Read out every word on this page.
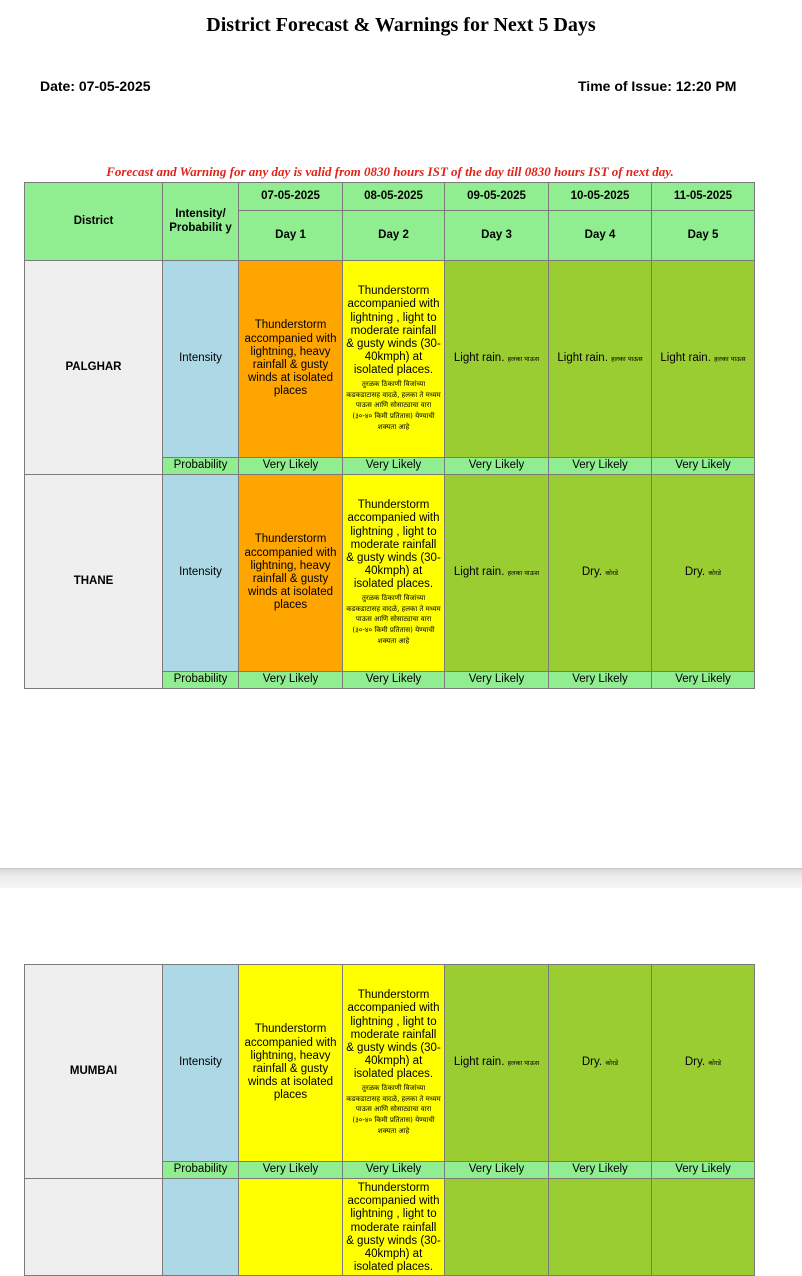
District Forecast & Warnings for Next 5 Days
Date: 07-05-2025	Time of Issue: 12:20 PM
Forecast and Warning for any day is valid from 0830 hours IST of the day till 0830 hours IST of next day.
District	Intensity/ Probabilit y	07-05-2025	08-05-2025	09-05-2025	10-05-2025	11-05-2025
		Day 1	Day 2	Day 3	Day 4	Day 5
PALGHAR	Intensity	Thunderstorm accompanied with lightning, heavy rainfall & gusty winds at isolated places	Thunderstorm accompanied with lightning , light to moderate rainfall & gusty winds (30-40kmph) at isolated places.
तुरळक ठिकाणी विजांच्या कडकडाटासह वादळे, हलका ते मध्यम पाऊस आणि सोसाट्याचा वारा (३०-४० किमी प्रतितास) येण्याची शक्यता आहे	Light rain. हलका पाऊस	Light rain. हलका पाऊस	Light rain. हलका पाऊस
	Probability	Very Likely	Very Likely	Very Likely	Very Likely	Very Likely
THANE	Intensity	Thunderstorm accompanied with lightning, heavy rainfall & gusty winds at isolated places	Thunderstorm accompanied with lightning , light to moderate rainfall & gusty winds (30-40kmph) at isolated places.
तुरळक ठिकाणी विजांच्या कडकडाटासह वादळे, हलका ते मध्यम पाऊस आणि सोसाट्याचा वारा (३०-४० किमी प्रतितास) येण्याची शक्यता आहे	Light rain. हलका पाऊस	Dry. कोरडे	Dry. कोरडे
	Probability	Very Likely	Very Likely	Very Likely	Very Likely	Very Likely
MUMBAI	Intensity	Thunderstorm accompanied with lightning, heavy rainfall & gusty winds at isolated places	Thunderstorm accompanied with lightning , light to moderate rainfall & gusty winds (30-40kmph) at isolated places.
तुरळक ठिकाणी विजांच्या कडकडाटासह वादळे, हलका ते मध्यम पाऊस आणि सोसाट्याचा वारा (३०-४० किमी प्रतितास) येण्याची शक्यता आहे	Light rain. हलका पाऊस	Dry. कोरडे	Dry. कोरडे
	Probability	Very Likely	Very Likely	Very Likely	Very Likely	Very Likely
			Thunderstorm accompanied with lightning , light to moderate rainfall & gusty winds (30-40kmph) at isolated places.			
